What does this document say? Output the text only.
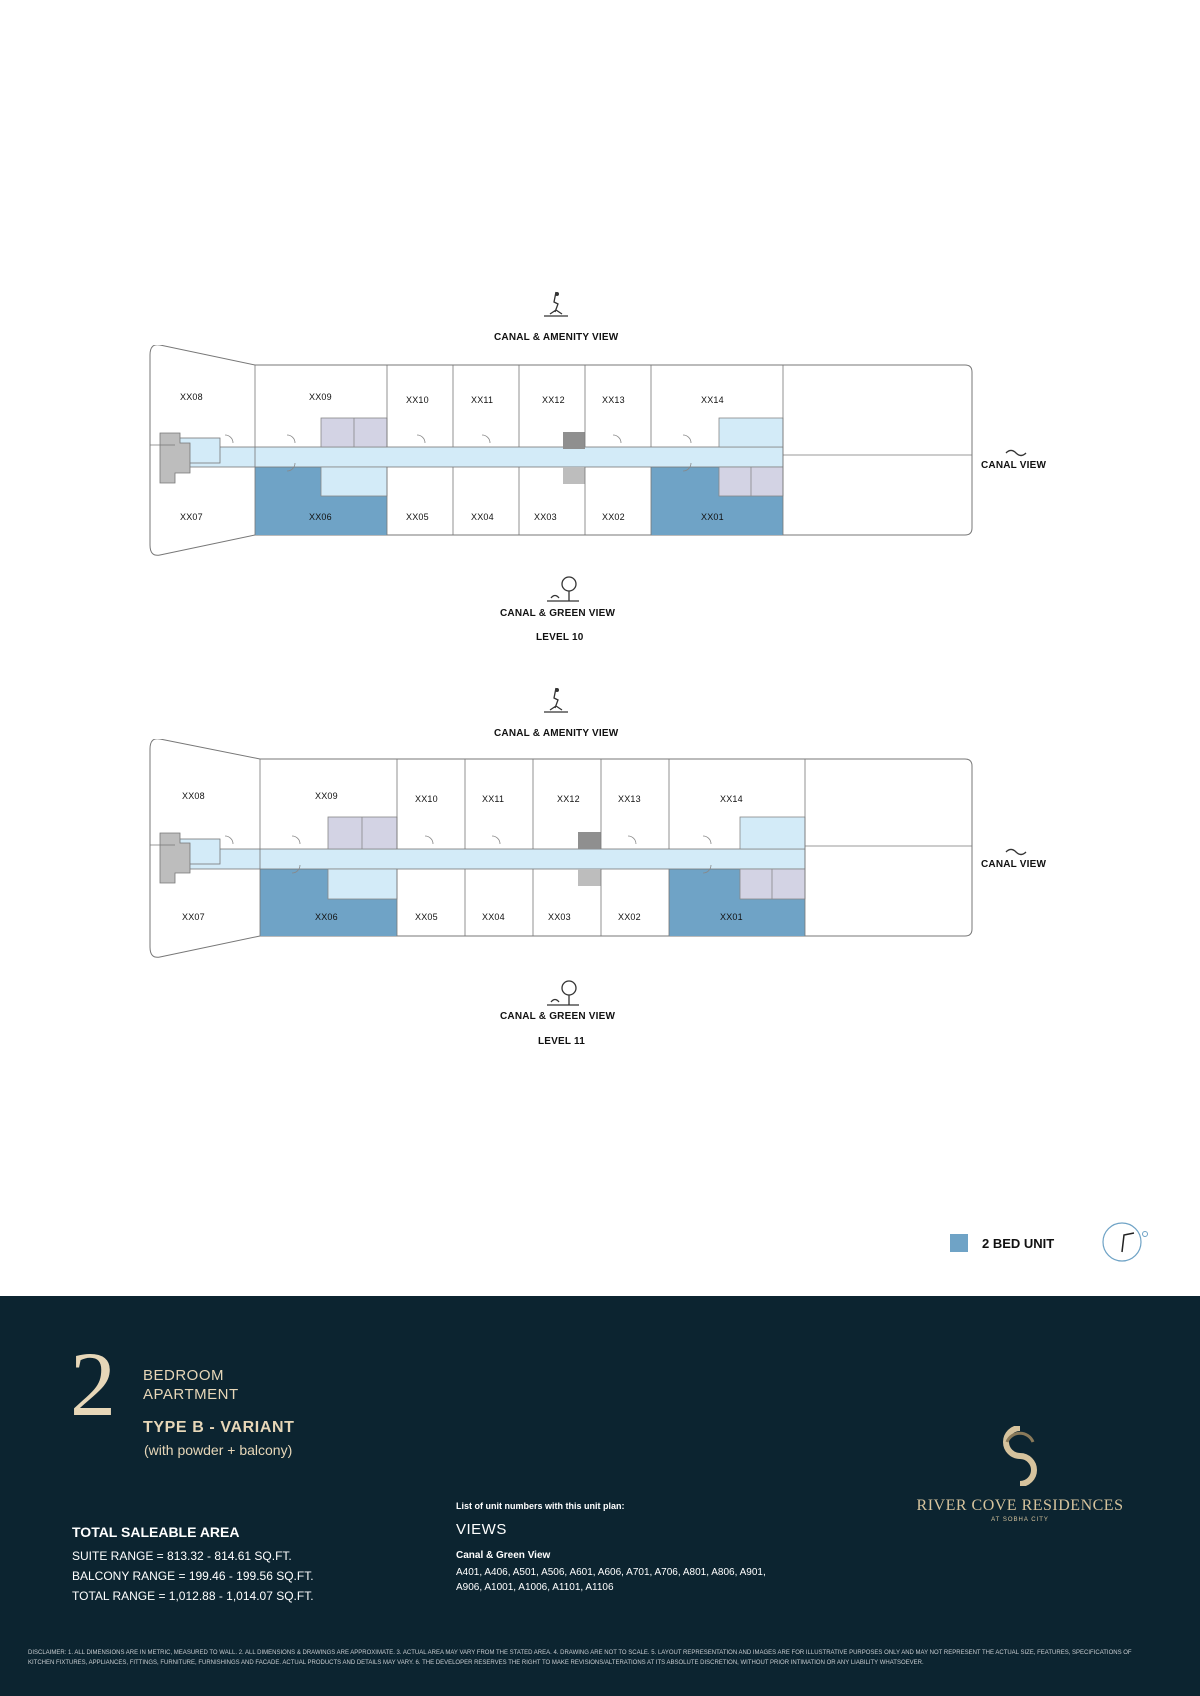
CANAL & AMENITY VIEW
XX08	XX09	XX10	XX11	XX12	XX13	XX14
XX07	XX06	XX05	XX04	XX03	XX02	XX01
CANAL VIEW
CANAL & GREEN VIEW
LEVEL 10
CANAL & AMENITY VIEW
XX08	XX09	XX10	XX11	XX12	XX13	XX14
XX07	XX06	XX05	XX04	XX03	XX02	XX01
CANAL VIEW
CANAL & GREEN VIEW
LEVEL 11
2 BED UNIT
2 BEDROOM
APARTMENT
TYPE B - VARIANT
(with powder + balcony)
TOTAL SALEABLE AREA
SUITE RANGE = 813.32 - 814.61 SQ.FT.
BALCONY RANGE = 199.46 - 199.56 SQ.FT.
TOTAL RANGE = 1,012.88 - 1,014.07 SQ.FT.
List of unit numbers with this unit plan:
VIEWS
Canal & Green View
A401, A406, A501, A506, A601, A606, A701, A706, A801, A806, A901, A906, A1001, A1006, A1101, A1106
RIVER COVE RESIDENCES
AT SOBHA CITY
DISCLAIMER: 1. ALL DIMENSIONS ARE IN METRIC, MEASURED TO WALL. 2. ALL DIMENSIONS & DRAWINGS ARE APPROXIMATE. 3. ACTUAL AREA MAY VARY FROM THE STATED AREA. 4. DRAWING ARE NOT TO SCALE. 5. LAYOUT REPRESENTATION AND IMAGES ARE FOR ILLUSTRATIVE PURPOSES ONLY AND MAY NOT REPRESENT THE ACTUAL SIZE, FEATURES, SPECIFICATIONS OF KITCHEN FIXTURES, APPLIANCES, FITTINGS, FURNITURE, FURNISHINGS AND FACADE. ACTUAL PRODUCTS AND DETAILS MAY VARY. 6. THE DEVELOPER RESERVES THE RIGHT TO MAKE REVISIONS/ALTERATIONS AT ITS ABSOLUTE DISCRETION, WITHOUT PRIOR INTIMATION OR ANY LIABILITY WHATSOEVER.
